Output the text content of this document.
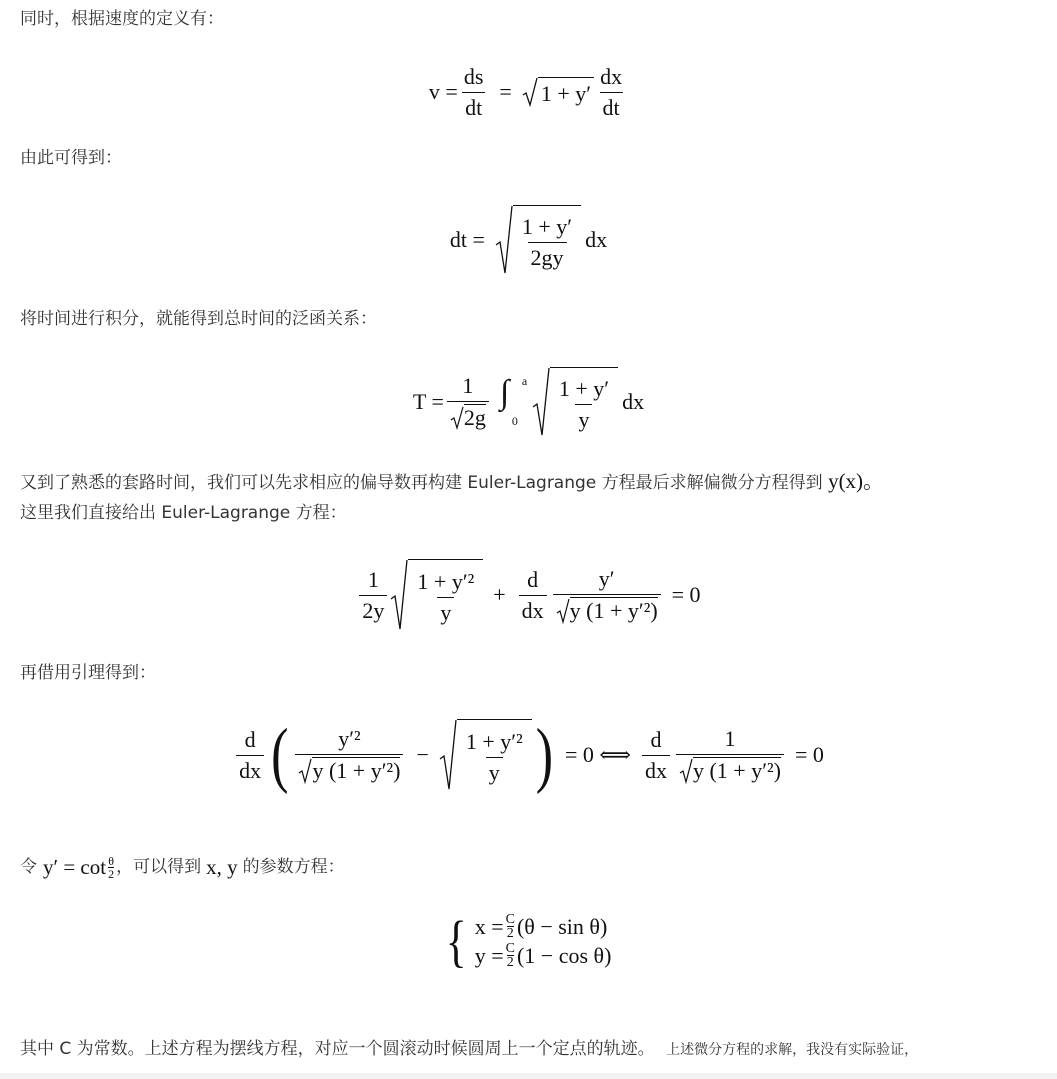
同时，根据速度的定义有：
$v = \frac{ds}{dt} = 1 + y' \frac{dx}{dt}$
由此可得到：
dt = $\frac{1 + y'}{2gy}$ dx
将时间进行积分，就能得到总时间的泛函关系：
$T = \frac{1}{2g}$ ∫ a
$0 \frac{1 + y'}{y}$ dx
又到了熟悉的套路时间，我们可以先求相应的偏导数再构建 Euler-Lagrange 方程最后求解偏微分方程得到 y(x)。
这里我们直接给出 Euler-Lagrange 方程：
$\frac{1}{2y} \frac{\text{1 + y′²}}{y} + \frac{d}{dx} \frac{y'}{\text{y (1 + y′²)}} = 0$
再借用引理得到：
$\frac{d}{dx}$ ( $\frac{\text{y′²}}{\text{y (1 + y′²)}} - \frac{\text{1 + y′²}}{y}$ ) = 0 ⟺ $\frac{d}{dx} \frac{1}{\text{y (1 + y′²)}} = 0$
令 $y' = \cot \frac{\theta}{2}$ ，可以得到 x, y 的参数方程：
{ $x = \frac{C}{2} (\theta - \sin \theta)$
$y = \frac{C}{2} (1 - \cos \theta)$
其中 C 为常数。上述方程为摆线方程，对应一个圆滚动时候圆周上一个定点的轨迹。 上述微分方程的求解，我没有实际验证，
